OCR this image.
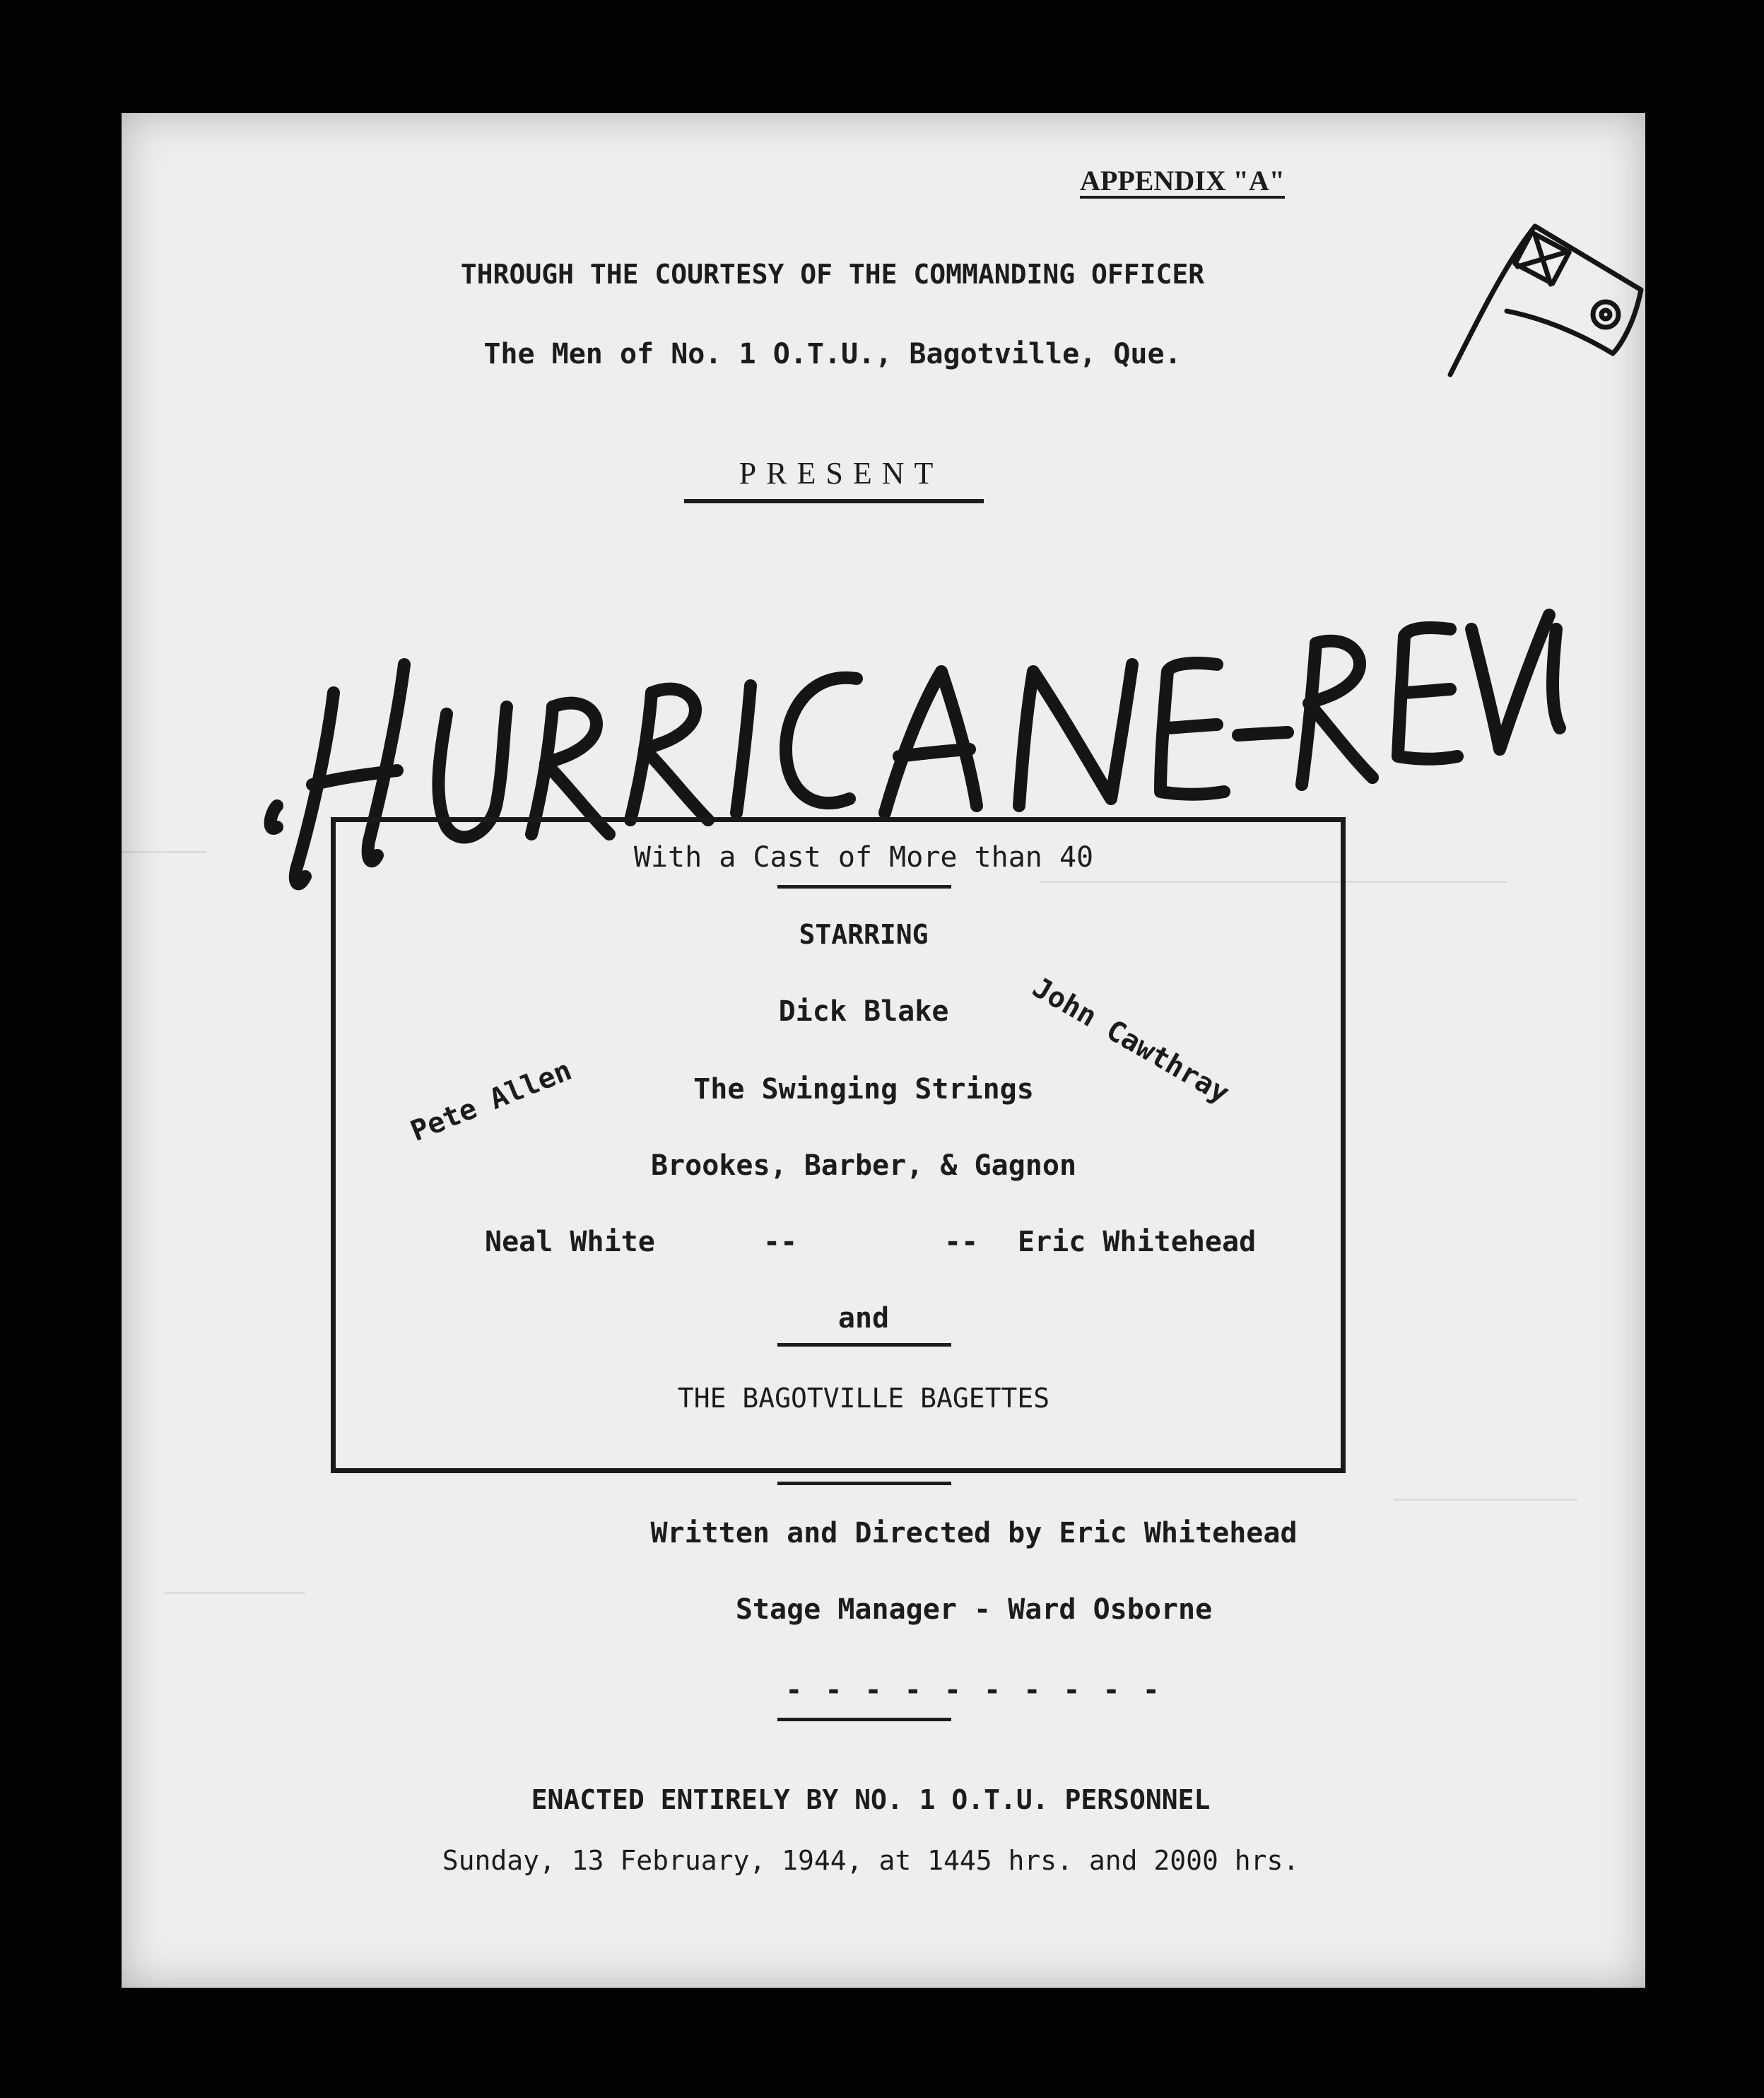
APPENDIX "A"
THROUGH THE COURTESY OF THE COMMANDING OFFICER
The Men of No. 1 O.T.U., Bagotville, Que.
PRESENT
With a Cast of More than 40
STARRING
Dick Blake
The Swinging Strings
Brookes, Barber, & Gagnon
Neal White	--	-- Eric Whitehead
and
THE BAGOTVILLE BAGETTES
Pete Allen	John Cawthray
Written and Directed by Eric Whitehead
Stage Manager - Ward Osborne
- - - - - - - - - -
ENACTED ENTIRELY BY NO. 1 O.T.U. PERSONNEL
Sunday, 13 February, 1944, at 1445 hrs. and 2000 hrs.
